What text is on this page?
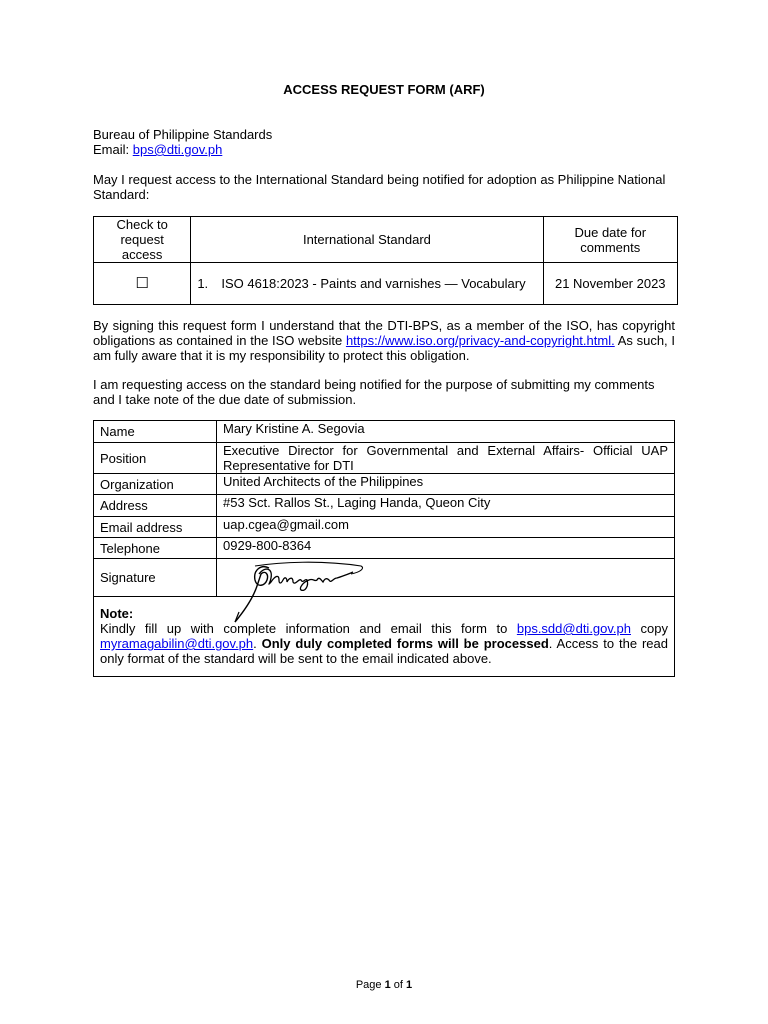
ACCESS REQUEST FORM (ARF)
Bureau of Philippine Standards
Email: bps@dti.gov.ph
May I request access to the International Standard being notified for adoption as Philippine National Standard:
Check to request access	International Standard	Due date for comments
☐	1. ISO 4618:2023 - Paints and varnishes — Vocabulary	21 November 2023
By signing this request form I understand that the DTI-BPS, as a member of the ISO, has copyright obligations as contained in the ISO website https://www.iso.org/privacy-and-copyright.html. As such, I am fully aware that it is my responsibility to protect this obligation.
I am requesting access on the standard being notified for the purpose of submitting my comments and I take note of the due date of submission.
Name	Mary Kristine A. Segovia
Position	Executive Director for Governmental and External Affairs- Official UAP Representative for DTI
Organization	United Architects of the Philippines
Address	#53 Sct. Rallos St., Laging Handa, Queon City
Email address	uap.cgea@gmail.com
Telephone	0929-800-8364
Signature	

Note:
Kindly fill up with complete information and email this form to bps.sdd@dti.gov.ph copy myramagabilin@dti.gov.ph. Only duly completed forms will be processed. Access to the read only format of the standard will be sent to the email indicated above.	
Page 1 of 1
